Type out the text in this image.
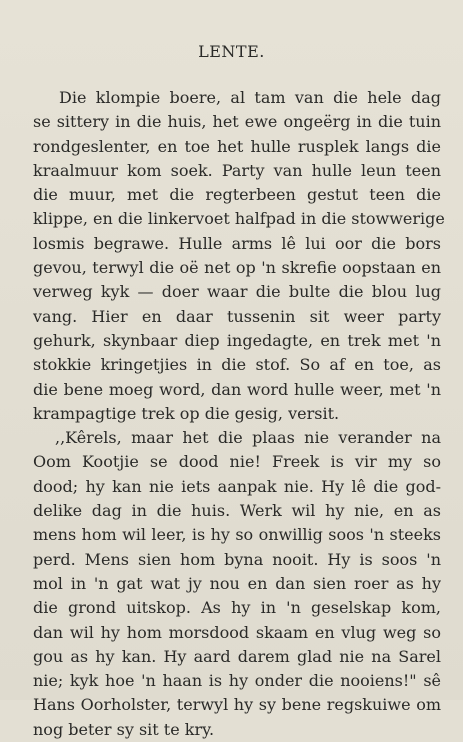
LENTE.
Die klompie boere, al tam van die hele dag
se sittery in die huis, het ewe ongeërg in die tuin
rondgeslenter, en toe het hulle rusplek langs die
kraalmuur kom soek. Party van hulle leun teen
die muur, met die regterbeen gestut teen die
klippe, en die linkervoet halfpad in die stowwerige
losmis begrawe. Hulle arms lê lui oor die bors
gevou, terwyl die oë net op 'n skrefie oopstaan en
verweg kyk — doer waar die bulte die blou lug
vang. Hier en daar tussenin sit weer party
gehurk, skynbaar diep ingedagte, en trek met 'n
stokkie kringetjies in die stof. So af en toe, as
die bene moeg word, dan word hulle weer, met 'n
krampagtige trek op die gesig, versit.
,,Kêrels, maar het die plaas nie verander na
Oom Kootjie se dood nie! Freek is vir my so
dood; hy kan nie iets aanpak nie. Hy lê die god-
delike dag in die huis. Werk wil hy nie, en as
mens hom wil leer, is hy so onwillig soos 'n steeks
perd. Mens sien hom byna nooit. Hy is soos 'n
mol in 'n gat wat jy nou en dan sien roer as hy
die grond uitskop. As hy in 'n geselskap kom,
dan wil hy hom morsdood skaam en vlug weg so
gou as hy kan. Hy aard darem glad nie na Sarel
nie; kyk hoe 'n haan is hy onder die nooiens!" sê
Hans Oorholster, terwyl hy sy bene regskuiwe om
nog beter sy sit te kry.
